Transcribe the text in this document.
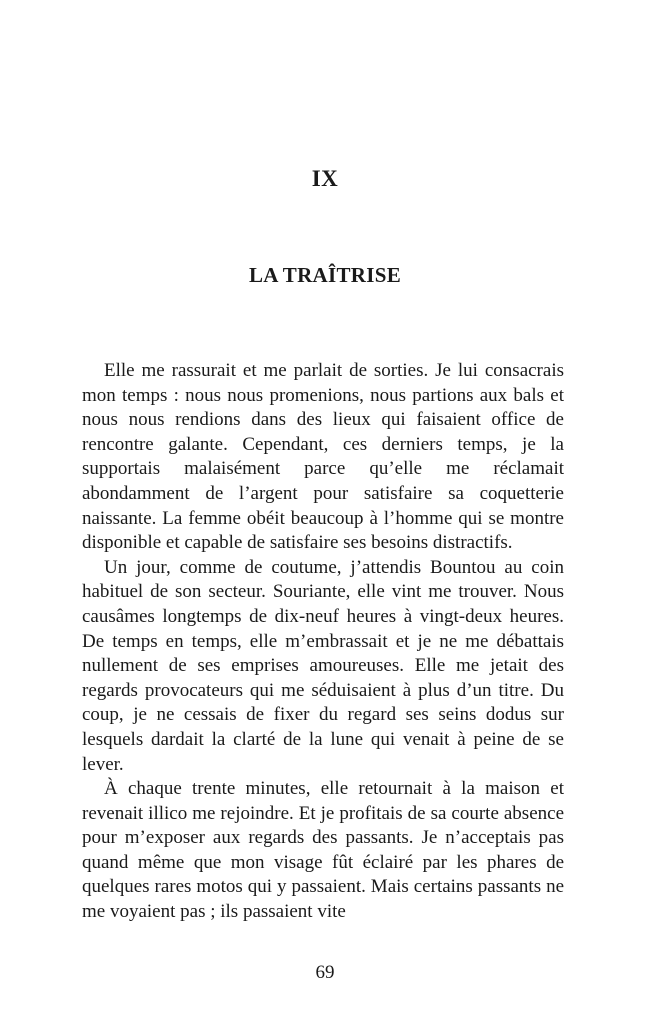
IX
LA TRAÎTRISE

Elle me rassurait et me parlait de sorties. Je lui consacrais mon temps : nous nous promenions, nous partions aux bals et nous nous rendions dans des lieux qui faisaient office de rencontre galante. Cependant, ces derniers temps, je la supportais malaisément parce qu’elle me réclamait abondamment de l’argent pour satisfaire sa coquetterie naissante. La femme obéit beaucoup à l’homme qui se montre disponible et capable de satisfaire ses besoins distractifs.

Un jour, comme de coutume, j’attendis Bountou au coin habituel de son secteur. Souriante, elle vint me trouver. Nous causâmes longtemps de dix-neuf heures à vingt-deux heures. De temps en temps, elle m’embrassait et je ne me débattais nullement de ses emprises amoureuses. Elle me jetait des regards provocateurs qui me séduisaient à plus d’un titre. Du coup, je ne cessais de fixer du regard ses seins dodus sur lesquels dardait la clarté de la lune qui venait à peine de se lever.

À chaque trente minutes, elle retournait à la maison et revenait illico me rejoindre. Et je profitais de sa courte absence pour m’exposer aux regards des passants. Je n’acceptais pas quand même que mon visage fût éclairé par les phares de quelques rares motos qui y passaient. Mais certains passants ne me voyaient pas ; ils passaient vite

69
